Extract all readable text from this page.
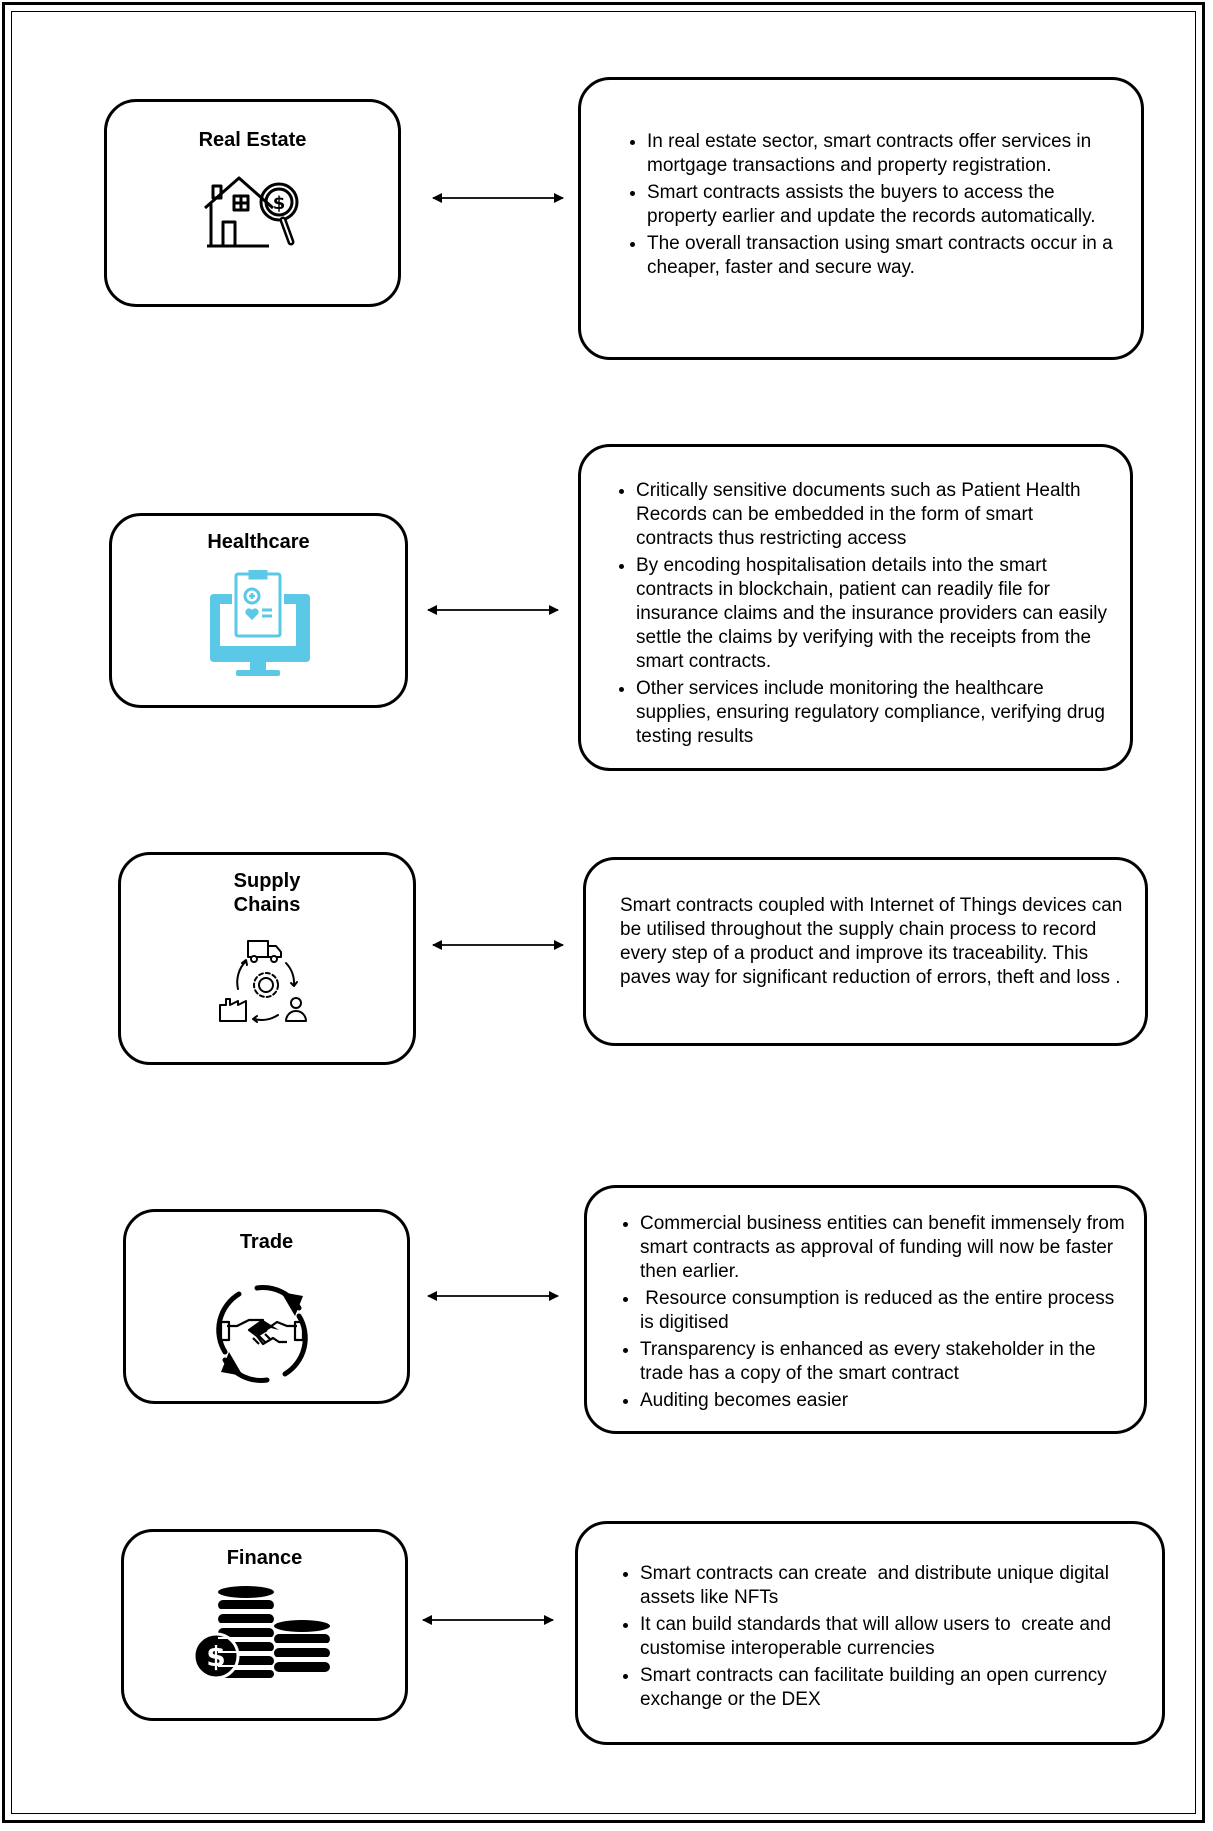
Real Estate
$
• In real estate sector, smart contracts offer services in mortgage transactions and property registration.
• Smart contracts assists the buyers to access the property earlier and update the records automatically.
• The overall transaction using smart contracts occur in a cheaper, faster and secure way.
Healthcare
• Critically sensitive documents such as Patient Health Records can be embedded in the form of smart contracts thus restricting access
• By encoding hospitalisation details into the smart contracts in blockchain, patient can readily file for insurance claims and the insurance providers can easily settle the claims by verifying with the receipts from the smart contracts.
• Other services include monitoring the healthcare supplies, ensuring regulatory compliance, verifying drug testing results
Supply
Chains	Smart contracts coupled with Internet of Things devices can be utilised throughout the supply chain process to record every step of a product and improve its traceability. This paves way for significant reduction of errors, theft and loss .

Trade
• Commercial business entities can benefit immensely from smart contracts as approval of funding will now be faster then earlier.
•  Resource consumption is reduced as the entire process is digitised
• Transparency is enhanced as every stakeholder in the trade has a copy of the smart contract
• Auditing becomes easier
Finance
$
• Smart contracts can create  and distribute unique digital assets like NFTs
• It can build standards that will allow users to  create and customise interoperable currencies
• Smart contracts can facilitate building an open currency exchange or the DEX
